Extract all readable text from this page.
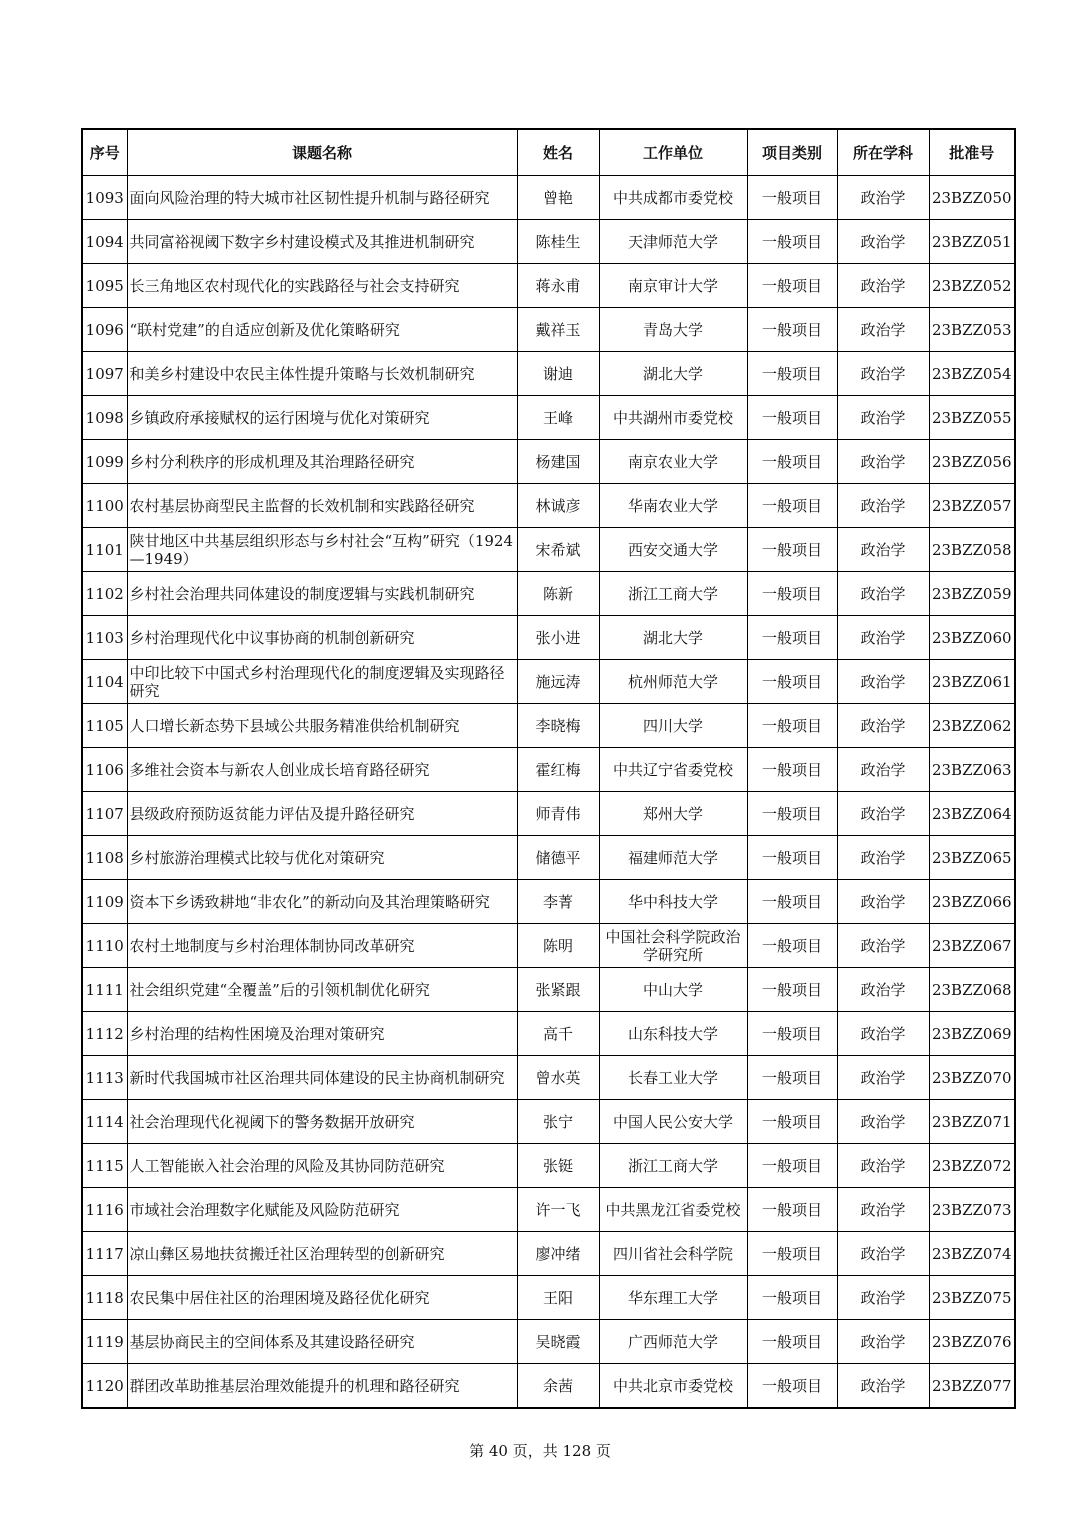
序号	课题名称	姓名	工作单位	项目类别	所在学科	批准号
1093	面向风险治理的特大城市社区韧性提升机制与路径研究	曾艳	中共成都市委党校	一般项目	政治学	23BZZ050
1094	共同富裕视阈下数字乡村建设模式及其推进机制研究	陈桂生	天津师范大学	一般项目	政治学	23BZZ051
1095	长三角地区农村现代化的实践路径与社会支持研究	蒋永甫	南京审计大学	一般项目	政治学	23BZZ052
1096	“联村党建”的自适应创新及优化策略研究	戴祥玉	青岛大学	一般项目	政治学	23BZZ053
1097	和美乡村建设中农民主体性提升策略与长效机制研究	谢迪	湖北大学	一般项目	政治学	23BZZ054
1098	乡镇政府承接赋权的运行困境与优化对策研究	王峰	中共湖州市委党校	一般项目	政治学	23BZZ055
1099	乡村分利秩序的形成机理及其治理路径研究	杨建国	南京农业大学	一般项目	政治学	23BZZ056
1100	农村基层协商型民主监督的长效机制和实践路径研究	林诚彦	华南农业大学	一般项目	政治学	23BZZ057
1101	陕甘地区中共基层组织形态与乡村社会“互构”研究（1924—1949）	宋希斌	西安交通大学	一般项目	政治学	23BZZ058
1102	乡村社会治理共同体建设的制度逻辑与实践机制研究	陈新	浙江工商大学	一般项目	政治学	23BZZ059
1103	乡村治理现代化中议事协商的机制创新研究	张小进	湖北大学	一般项目	政治学	23BZZ060
1104	中印比较下中国式乡村治理现代化的制度逻辑及实现路径研究	施远涛	杭州师范大学	一般项目	政治学	23BZZ061
1105	人口增长新态势下县域公共服务精准供给机制研究	李晓梅	四川大学	一般项目	政治学	23BZZ062
1106	多维社会资本与新农人创业成长培育路径研究	霍红梅	中共辽宁省委党校	一般项目	政治学	23BZZ063
1107	县级政府预防返贫能力评估及提升路径研究	师青伟	郑州大学	一般项目	政治学	23BZZ064
1108	乡村旅游治理模式比较与优化对策研究	储德平	福建师范大学	一般项目	政治学	23BZZ065
1109	资本下乡诱致耕地“非农化”的新动向及其治理策略研究	李菁	华中科技大学	一般项目	政治学	23BZZ066
1110	农村土地制度与乡村治理体制协同改革研究	陈明	中国社会科学院政治学研究所	一般项目	政治学	23BZZ067
1111	社会组织党建“全覆盖”后的引领机制优化研究	张紧跟	中山大学	一般项目	政治学	23BZZ068
1112	乡村治理的结构性困境及治理对策研究	高千	山东科技大学	一般项目	政治学	23BZZ069
1113	新时代我国城市社区治理共同体建设的民主协商机制研究	曾水英	长春工业大学	一般项目	政治学	23BZZ070
1114	社会治理现代化视阈下的警务数据开放研究	张宁	中国人民公安大学	一般项目	政治学	23BZZ071
1115	人工智能嵌入社会治理的风险及其协同防范研究	张铤	浙江工商大学	一般项目	政治学	23BZZ072
1116	市域社会治理数字化赋能及风险防范研究	许一飞	中共黑龙江省委党校	一般项目	政治学	23BZZ073
1117	凉山彝区易地扶贫搬迁社区治理转型的创新研究	廖冲绪	四川省社会科学院	一般项目	政治学	23BZZ074
1118	农民集中居住社区的治理困境及路径优化研究	王阳	华东理工大学	一般项目	政治学	23BZZ075
1119	基层协商民主的空间体系及其建设路径研究	吴晓霞	广西师范大学	一般项目	政治学	23BZZ076
1120	群团改革助推基层治理效能提升的机理和路径研究	余茜	中共北京市委党校	一般项目	政治学	23BZZ077
第 40 页，共 128 页
